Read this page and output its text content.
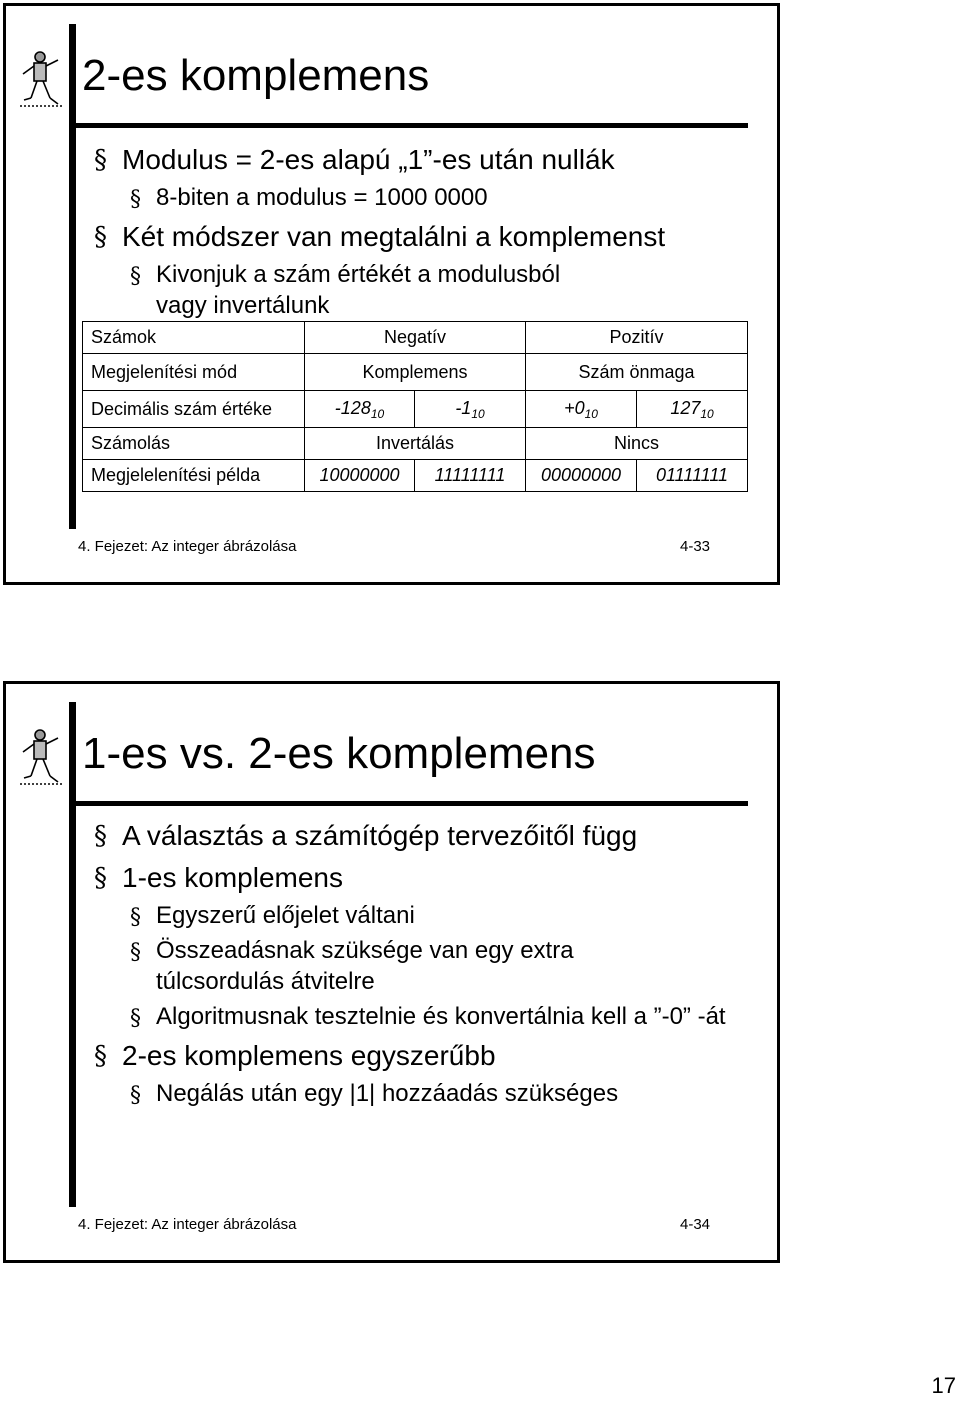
2-es komplemens
§ Modulus = 2-es alapú „1”-es után nullák
§ 8-biten a modulus = 1000 0000
§ Két módszer van megtalálni a komplemenst
§ Kivonjuk a szám értékét a modulusból vagy invertálunk
Számok	Negatív		Pozitív	
Megjelenítési mód	Komplemens		Szám önmaga	
Decimális szám értéke	$-128_{10}$	$-1_{10}$	$+0_{10}$	$127_{10}$
Számolás	Invertálás		Nincs	
Megjelelenítési példa	10000000	11111111	00000000	01111111
4. Fejezet: Az integer ábrázolása	4-33
1-es vs. 2-es komplemens
§ A választás a számítógép tervezőitől függ
§ 1-es komplemens
§ Egyszerű előjelet váltani
§ Összeadásnak szüksége van egy extra túlcsordulás átvitelre
§ Algoritmusnak tesztelnie és konvertálnia kell a ”-0” -át
§ 2-es komplemens egyszerűbb
§ Negálás után egy |1| hozzáadás szükséges
4. Fejezet: Az integer ábrázolása	4-34
17
